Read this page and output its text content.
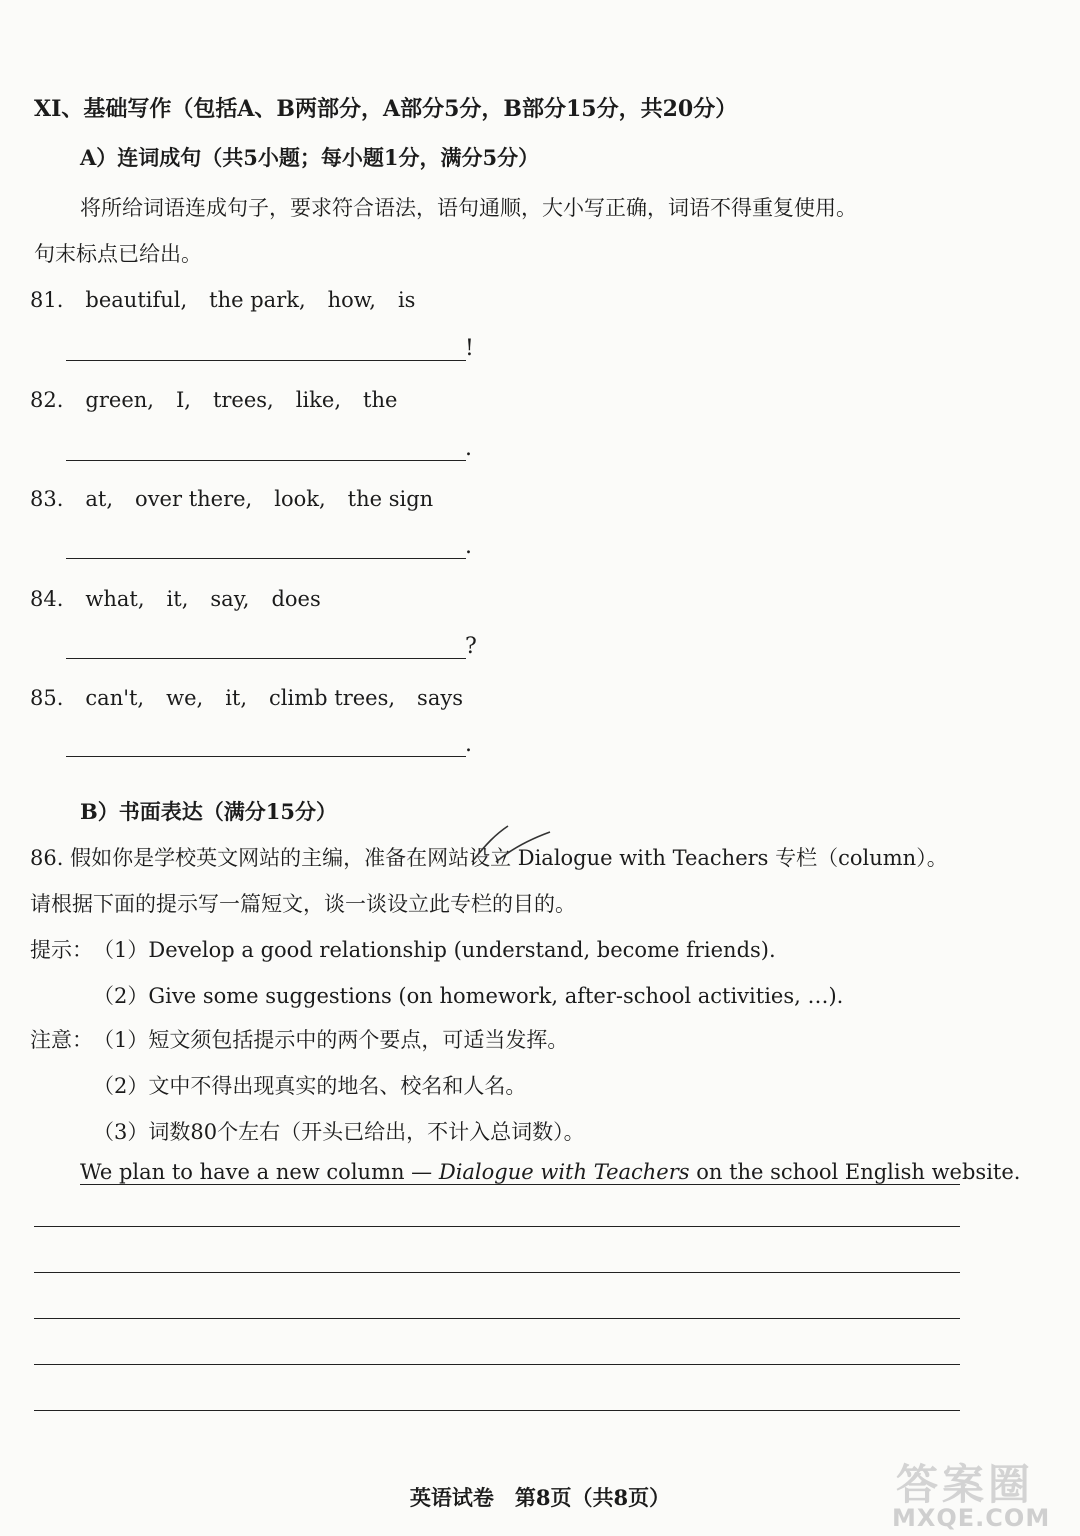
XI、基础写作（包括A、B两部分，A部分5分，B部分15分，共20分）
A）连词成句（共5小题；每小题1分，满分5分）
将所给词语连成句子，要求符合语法，语句通顺，大小写正确，词语不得重复使用。
句末标点已给出。
81. beautiful, the park, how, is
!
82. green, I, trees, like, the
.
83. at, over there, look, the sign
.
84. what, it, say, does
?
85. can't, we, it, climb trees, says
.
B）书面表达（满分15分）
86. 假如你是学校英文网站的主编，准备在网站设立 Dialogue with Teachers 专栏（column）。
请根据下面的提示写一篇短文，谈一谈设立此专栏的目的。
提示： （1）Develop a good relationship (understand, become friends).
（2）Give some suggestions (on homework, after-school activities, …).
注意： （1）短文须包括提示中的两个要点，可适当发挥。
（2）文中不得出现真实的地名、校名和人名。
（3）词数80个左右（开头已给出，不计入总词数）。
We plan to have a new column — Dialogue with Teachers on the school English website.
英语试卷　第8页（共8页）	答案圈
MXQE.COM
